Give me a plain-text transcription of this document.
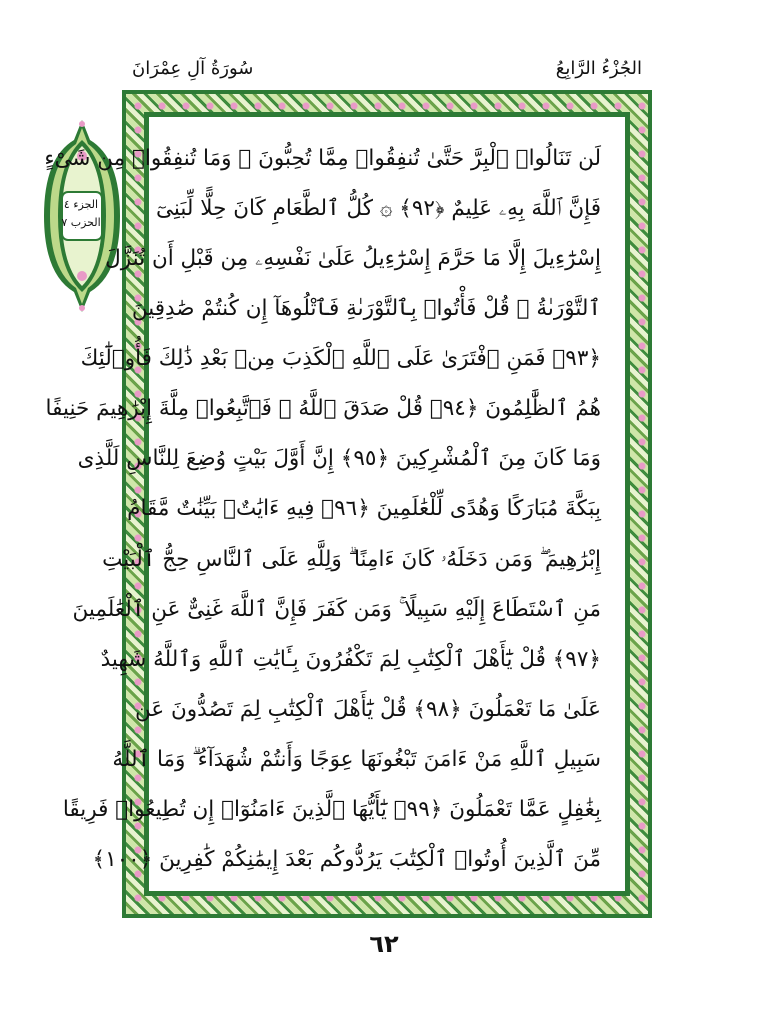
الجُزْءُ الرَّابِعُ
سُورَةُ آلِ عِمْرَانَ
الجزء ٤
الحزب ٧
لَن تَنَالُوا۟ ٱلْبِرَّ حَتَّىٰ تُنفِقُوا۟ مِمَّا تُحِبُّونَ ۚ وَمَا تُنفِقُوا۟ مِن شَىْءٍ
فَإِنَّ ٱللَّهَ بِهِۦ عَلِيمٌ ﴿٩٢﴾ ۞ كُلُّ ٱلطَّعَامِ كَانَ حِلًّا لِّبَنِىٓ
إِسْرَٰٓءِيلَ إِلَّا مَا حَرَّمَ إِسْرَٰٓءِيلُ عَلَىٰ نَفْسِهِۦ مِن قَبْلِ أَن تُنَزَّلَ
ٱلتَّوْرَىٰةُ ۗ قُلْ فَأْتُوا۟ بِٱلتَّوْرَىٰةِ فَٱتْلُوهَآ إِن كُنتُمْ صَٰدِقِينَ
﴿٩٣﴾ فَمَنِ ٱفْتَرَىٰ عَلَى ٱللَّهِ ٱلْكَذِبَ مِنۢ بَعْدِ ذَٰلِكَ فَأُو۟لَٰٓئِكَ
هُمُ ٱلظَّٰلِمُونَ ﴿٩٤﴾ قُلْ صَدَقَ ٱللَّهُ ۗ فَٱتَّبِعُوا۟ مِلَّةَ إِبْرَٰهِيمَ حَنِيفًا
وَمَا كَانَ مِنَ ٱلْمُشْرِكِينَ ﴿٩٥﴾ إِنَّ أَوَّلَ بَيْتٍ وُضِعَ لِلنَّاسِ لَلَّذِى
بِبَكَّةَ مُبَارَكًا وَهُدًى لِّلْعَٰلَمِينَ ﴿٩٦﴾ فِيهِ ءَايَٰتٌۢ بَيِّنَٰتٌ مَّقَامُ
إِبْرَٰهِيمَ ۖ وَمَن دَخَلَهُۥ كَانَ ءَامِنًا ۗ وَلِلَّهِ عَلَى ٱلنَّاسِ حِجُّ ٱلْبَيْتِ
مَنِ ٱسْتَطَاعَ إِلَيْهِ سَبِيلًا ۚ وَمَن كَفَرَ فَإِنَّ ٱللَّهَ غَنِىٌّ عَنِ ٱلْعَٰلَمِينَ
﴿٩٧﴾ قُلْ يَٰٓأَهْلَ ٱلْكِتَٰبِ لِمَ تَكْفُرُونَ بِـَٔايَٰتِ ٱللَّهِ وَٱللَّهُ شَهِيدٌ
عَلَىٰ مَا تَعْمَلُونَ ﴿٩٨﴾ قُلْ يَٰٓأَهْلَ ٱلْكِتَٰبِ لِمَ تَصُدُّونَ عَن
سَبِيلِ ٱللَّهِ مَنْ ءَامَنَ تَبْغُونَهَا عِوَجًا وَأَنتُمْ شُهَدَآءُ ۗ وَمَا ٱللَّهُ
بِغَٰفِلٍ عَمَّا تَعْمَلُونَ ﴿٩٩﴾ يَٰٓأَيُّهَا ٱلَّذِينَ ءَامَنُوٓا۟ إِن تُطِيعُوا۟ فَرِيقًا
مِّنَ ٱلَّذِينَ أُوتُوا۟ ٱلْكِتَٰبَ يَرُدُّوكُم بَعْدَ إِيمَٰنِكُمْ كَٰفِرِينَ ﴿١٠٠﴾
٦٢
